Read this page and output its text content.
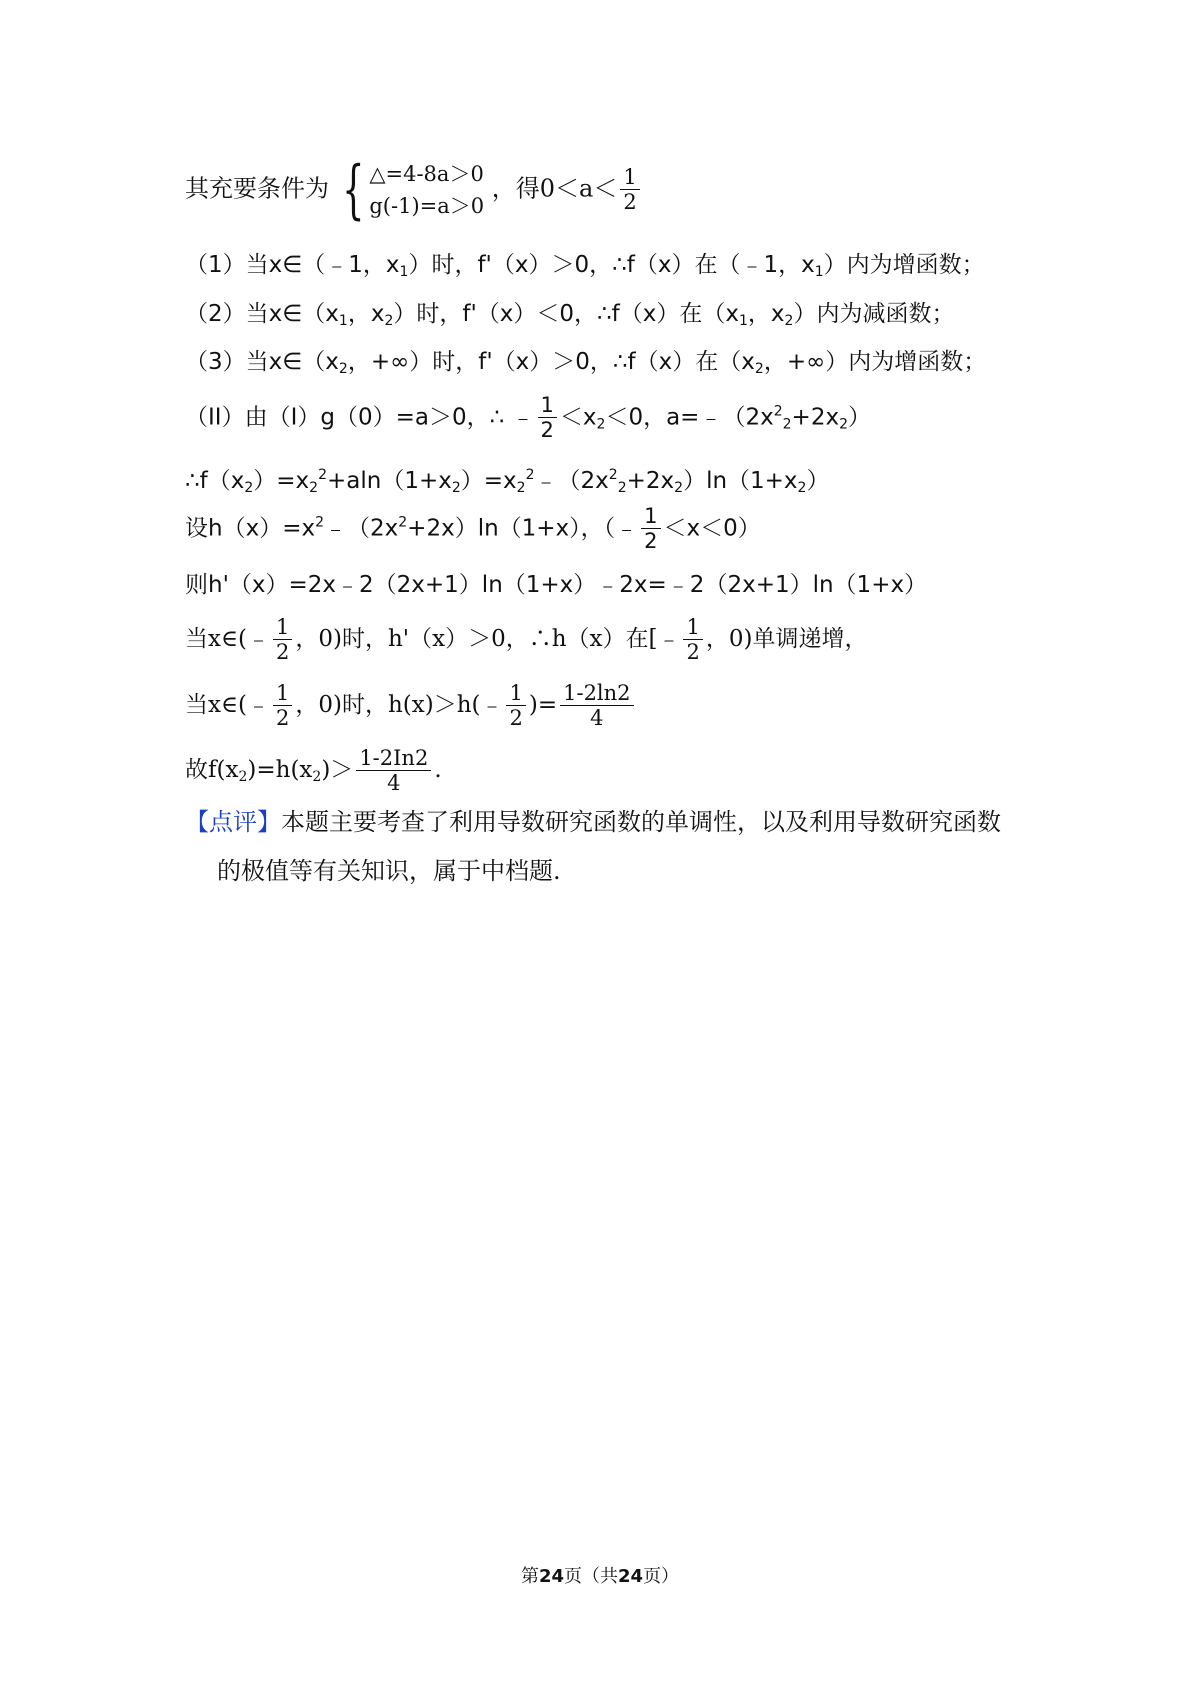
其充要条件为 { △=4-8a＞0
g(-1)=a＞0
，得$0<a< \frac{1}{2}$
（1）当x∈（﹣1，$x_1$）时，f'（x）＞0，∴f（x）在（﹣1，$x_1$）内为增函数；
（2）当$x\in(x_1$，$x_2$）时，f'（x）＜0，∴f（x）在（$x_1$，$x_2$）内为减函数；
（3）当$x\in(x_2$，+∞）时，f'（x）＞0，∴f（x）在（$x_2$，+∞）内为增函数；
（II）由（I）g（0）=a＞0，∴ ﹣ $\frac{1}{2} <x_2<0$，$a=﹣(2x^2_2+2x_2)$
$\therefore f(x_2)=x_2^2+aln(1+x_2)=x_2^2﹣(2x^2_2+2x_2)\ln(1+x_2)$
设$h(x)=x^2﹣(2x^2+2x)\ln(1+x)$，（﹣ $\frac{1}{2} <x<0$）
则h'（x）=2x﹣2（2x+1）ln（1+x）﹣2x=﹣2（2x+1）ln（1+x）
当x∈(﹣ $\frac{1}{2}$ ，0)时，h'（x）＞0，∴h（x）在[﹣ $\frac{1}{2}$ ，0)单调递增，
当x∈(﹣ $\frac{1}{2}$ ，0)时，h(x)＞h(﹣ $\frac{1}{2}$ )= $\frac{1-2\ln 2}{4}$
故$f(x_2)=h(x_2)> \frac{1-2In2}{4}$ .
【点评】本题主要考查了利用导数研究函数的单调性，以及利用导数研究函数
的极值等有关知识，属于中档题.
第24页（共24页）
